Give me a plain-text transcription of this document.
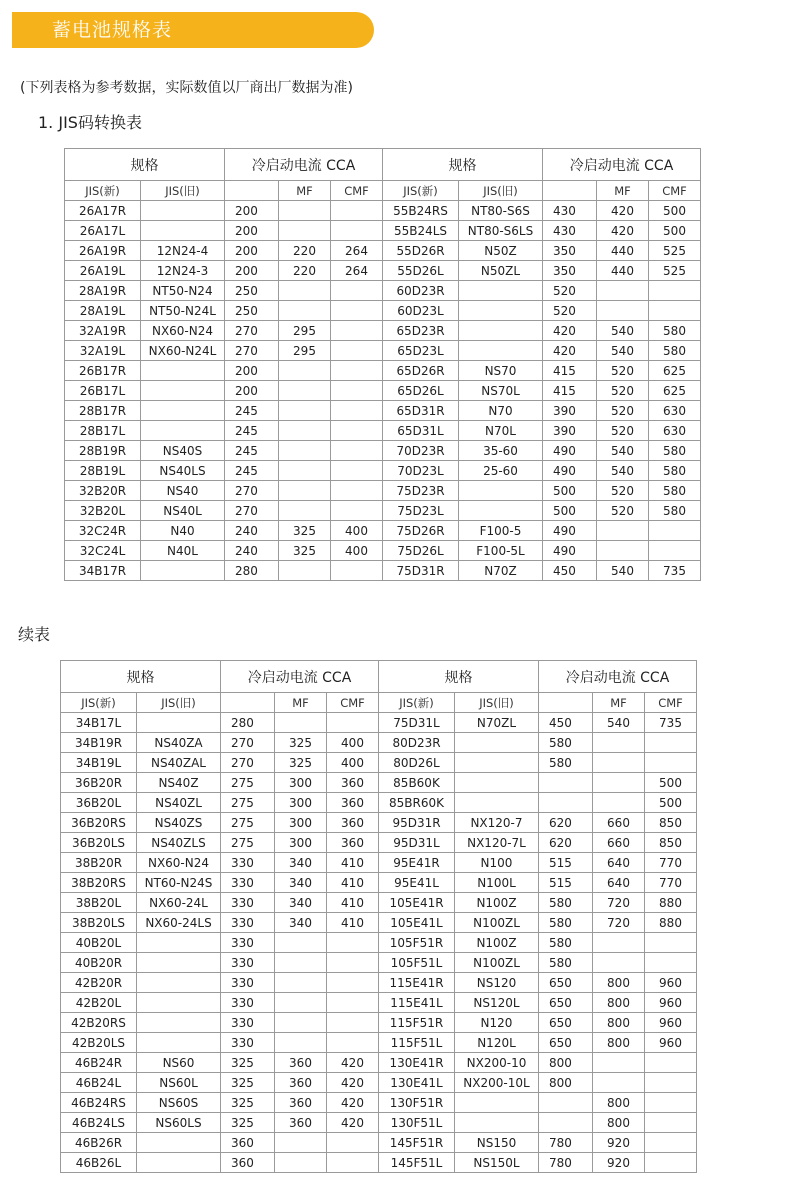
蓄电池规格表
(下列表格为参考数据，实际数值以厂商出厂数据为准)
1. JIS码转换表
续表
规格		冷启动电流 CCA			规格		冷启动电流 CCA		
JIS(新)	JIS(旧)		MF	CMF	JIS(新)	JIS(旧)		MF	CMF
26A17R		200			55B24RS	NT80-S6S	430	420	500
26A17L		200			55B24LS	NT80-S6LS	430	420	500
26A19R	12N24-4	200	220	264	55D26R	N50Z	350	440	525
26A19L	12N24-3	200	220	264	55D26L	N50ZL	350	440	525
28A19R	NT50-N24	250			60D23R		520		
28A19L	NT50-N24L	250			60D23L		520		
32A19R	NX60-N24	270	295		65D23R		420	540	580
32A19L	NX60-N24L	270	295		65D23L		420	540	580
26B17R		200			65D26R	NS70	415	520	625
26B17L		200			65D26L	NS70L	415	520	625
28B17R		245			65D31R	N70	390	520	630
28B17L		245			65D31L	N70L	390	520	630
28B19R	NS40S	245			70D23R	35-60	490	540	580
28B19L	NS40LS	245			70D23L	25-60	490	540	580
32B20R	NS40	270			75D23R		500	520	580
32B20L	NS40L	270			75D23L		500	520	580
32C24R	N40	240	325	400	75D26R	F100-5	490		
32C24L	N40L	240	325	400	75D26L	F100-5L	490		
34B17R		280			75D31R	N70Z	450	540	735
规格		冷启动电流 CCA			规格		冷启动电流 CCA		
JIS(新)	JIS(旧)		MF	CMF	JIS(新)	JIS(旧)		MF	CMF
34B17L		280			75D31L	N70ZL	450	540	735
34B19R	NS40ZA	270	325	400	80D23R		580		
34B19L	NS40ZAL	270	325	400	80D26L		580		
36B20R	NS40Z	275	300	360	85B60K				500
36B20L	NS40ZL	275	300	360	85BR60K				500
36B20RS	NS40ZS	275	300	360	95D31R	NX120-7	620	660	850
36B20LS	NS40ZLS	275	300	360	95D31L	NX120-7L	620	660	850
38B20R	NX60-N24	330	340	410	95E41R	N100	515	640	770
38B20RS	NT60-N24S	330	340	410	95E41L	N100L	515	640	770
38B20L	NX60-24L	330	340	410	105E41R	N100Z	580	720	880
38B20LS	NX60-24LS	330	340	410	105E41L	N100ZL	580	720	880
40B20L		330			105F51R	N100Z	580		
40B20R		330			105F51L	N100ZL	580		
42B20R		330			115E41R	NS120	650	800	960
42B20L		330			115E41L	NS120L	650	800	960
42B20RS		330			115F51R	N120	650	800	960
42B20LS		330			115F51L	N120L	650	800	960
46B24R	NS60	325	360	420	130E41R	NX200-10	800		
46B24L	NS60L	325	360	420	130E41L	NX200-10L	800		
46B24RS	NS60S	325	360	420	130F51R			800	
46B24LS	NS60LS	325	360	420	130F51L			800	
46B26R		360			145F51R	NS150	780	920	
46B26L		360			145F51L	NS150L	780	920	
